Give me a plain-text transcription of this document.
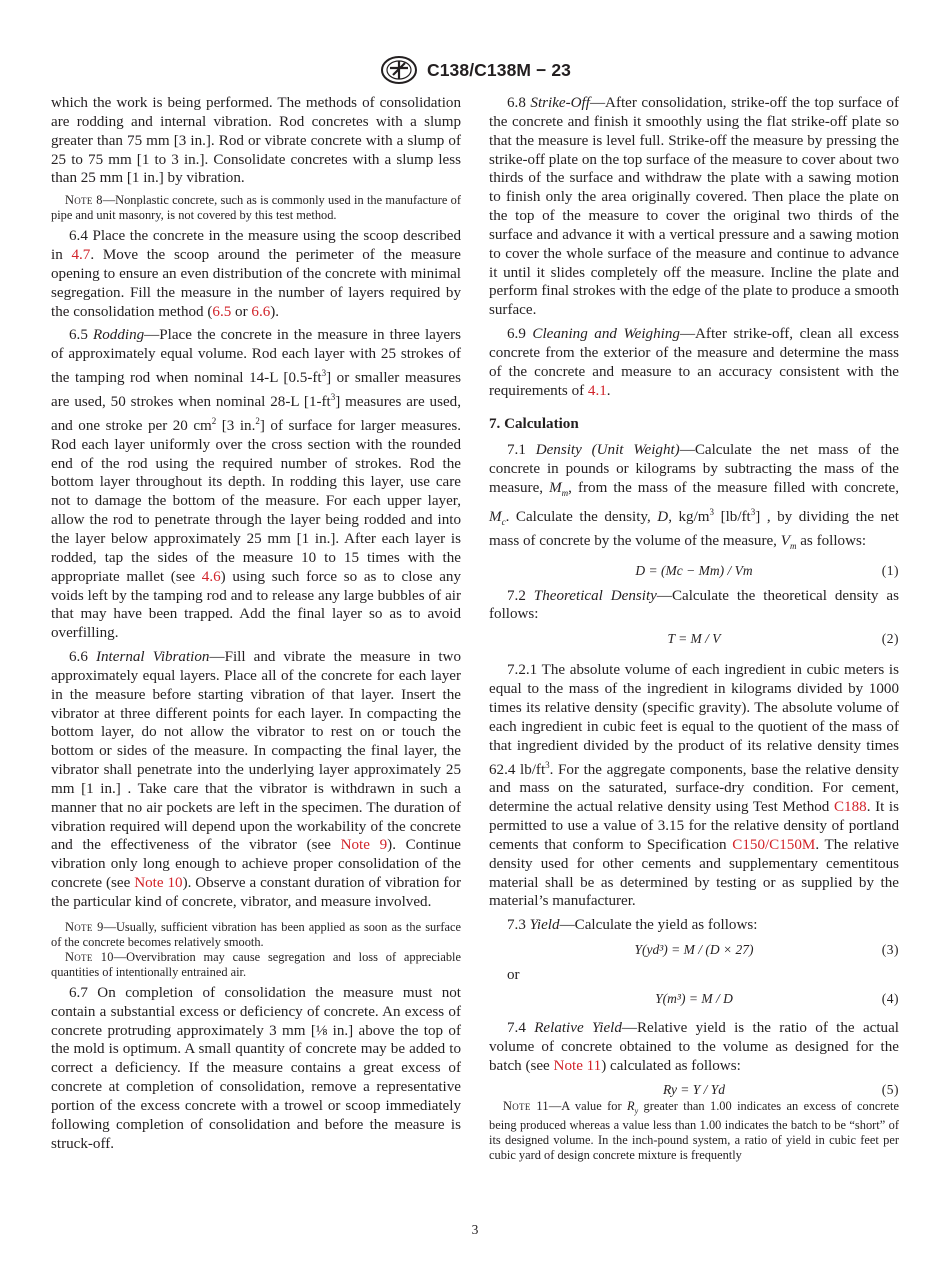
C138/C138M − 23

which the work is being performed. The methods of consolidation are rodding and internal vibration. Rod concretes with a slump greater than 75 mm [3 in.]. Rod or vibrate concrete with a slump of 25 to 75 mm [1 to 3 in.]. Consolidate concretes with a slump less than 25 mm [1 in.] by vibration.

Note 8—Nonplastic concrete, such as is commonly used in the manufacture of pipe and unit masonry, is not covered by this test method.

6.4 Place the concrete in the measure using the scoop described in 4.7. Move the scoop around the perimeter of the measure opening to ensure an even distribution of the concrete with minimal segregation. Fill the measure in the number of layers required by the consolidation method (6.5 or 6.6).

6.5 Rodding—Place the concrete in the measure in three layers of approximately equal volume. Rod each layer with 25 strokes of the tamping rod when nominal 14-L $[0.5-ft^3]$ or smaller measures are used, 50 strokes when nominal 28-L $[1-ft^3]$ measures are used, and one stroke per 20 $cm^2$ [3 in.$^2$] of surface for larger measures. Rod each layer uniformly over the cross section with the rounded end of the rod using the required number of strokes. Rod the bottom layer throughout its depth. In rodding this layer, use care not to damage the bottom of the measure. For each upper layer, allow the rod to penetrate through the layer being rodded and into the layer below approximately 25 mm [1 in.]. After each layer is rodded, tap the sides of the measure 10 to 15 times with the appropriate mallet (see 4.6) using such force so as to close any voids left by the tamping rod and to release any large bubbles of air that may have been trapped. Add the final layer so as to avoid overfilling.

6.6 Internal Vibration—Fill and vibrate the measure in two approximately equal layers. Place all of the concrete for each layer in the measure before starting vibration of that layer. Insert the vibrator at three different points for each layer. In compacting the bottom layer, do not allow the vibrator to rest on or touch the bottom or sides of the measure. In compacting the final layer, the vibrator shall penetrate into the underlying layer approximately 25 mm [1 in.] . Take care that the vibrator is withdrawn in such a manner that no air pockets are left in the specimen. The duration of vibration required will depend upon the workability of the concrete and the effectiveness of the vibrator (see Note 9). Continue vibration only long enough to achieve proper consolidation of the concrete (see Note 10). Observe a constant duration of vibration for the particular kind of concrete, vibrator, and measure involved.

Note 9—Usually, sufficient vibration has been applied as soon as the surface of the concrete becomes relatively smooth.

Note 10—Overvibration may cause segregation and loss of appreciable quantities of intentionally entrained air.

6.7 On completion of consolidation the measure must not contain a substantial excess or deficiency of concrete. An excess of concrete protruding approximately 3 mm [⅛ in.] above the top of the mold is optimum. A small quantity of concrete may be added to correct a deficiency. If the measure contains a great excess of concrete at completion of consolidation, remove a representative portion of the excess concrete with a trowel or scoop immediately following completion of consolidation and before the measure is struck-off.

6.8 Strike-Off—After consolidation, strike-off the top surface of the concrete and finish it smoothly using the flat strike-off plate so that the measure is level full. Strike-off the measure by pressing the strike-off plate on the top surface of the measure to cover about two thirds of the surface and withdraw the plate with a sawing motion to finish only the area originally covered. Then place the plate on the top of the measure to cover the original two thirds of the surface and advance it with a vertical pressure and a sawing motion to cover the whole surface of the measure and continue to advance it until it slides completely off the measure. Incline the plate and perform final strokes with the edge of the plate to produce a smooth surface.

6.9 Cleaning and Weighing—After strike-off, clean all excess concrete from the exterior of the measure and determine the mass of the concrete and measure to an accuracy consistent with the requirements of 4.1.

7. Calculation

7.1 Density (Unit Weight)—Calculate the net mass of the concrete in pounds or kilograms by subtracting the mass of the measure, $M_m$, from the mass of the measure filled with concrete, $M_c$. Calculate the density, D, $kg/m^3$ $[lb/ft^3]$ , by dividing the net mass of concrete by the volume of the measure, $V_m$ as follows:

D = (Mc − Mm) / Vm	(1)

7.2 Theoretical Density—Calculate the theoretical density as follows:

T = M / V	(2)

7.2.1 The absolute volume of each ingredient in cubic meters is equal to the mass of the ingredient in kilograms divided by 1000 times its relative density (specific gravity). The absolute volume of each ingredient in cubic feet is equal to the quotient of the mass of that ingredient divided by the product of its relative density times 62.4 $lb/ft^3$. For the aggregate components, base the relative density and mass on the saturated, surface-dry condition. For cement, determine the actual relative density using Test Method C188. It is permitted to use a value of 3.15 for the relative density of portland cements that conform to Specification C150/C150M. The relative density used for other cements and supplementary cementitous material shall be as determined by testing or as supplied by the material’s manufacturer.

7.3 Yield—Calculate the yield as follows:

Y(yd³) = M / (D × 27)	(3)

or

Y(m³) = M / D	(4)

7.4 Relative Yield—Relative yield is the ratio of the actual volume of concrete obtained to the volume as designed for the batch (see Note 11) calculated as follows:

Ry = Y / Yd	(5)

Note 11—A value for $R_y$ greater than 1.00 indicates an excess of concrete being produced whereas a value less than 1.00 indicates the batch to be “short” of its designed volume. In the inch-pound system, a ratio of yield in cubic feet per cubic yard of design concrete mixture is frequently

3
